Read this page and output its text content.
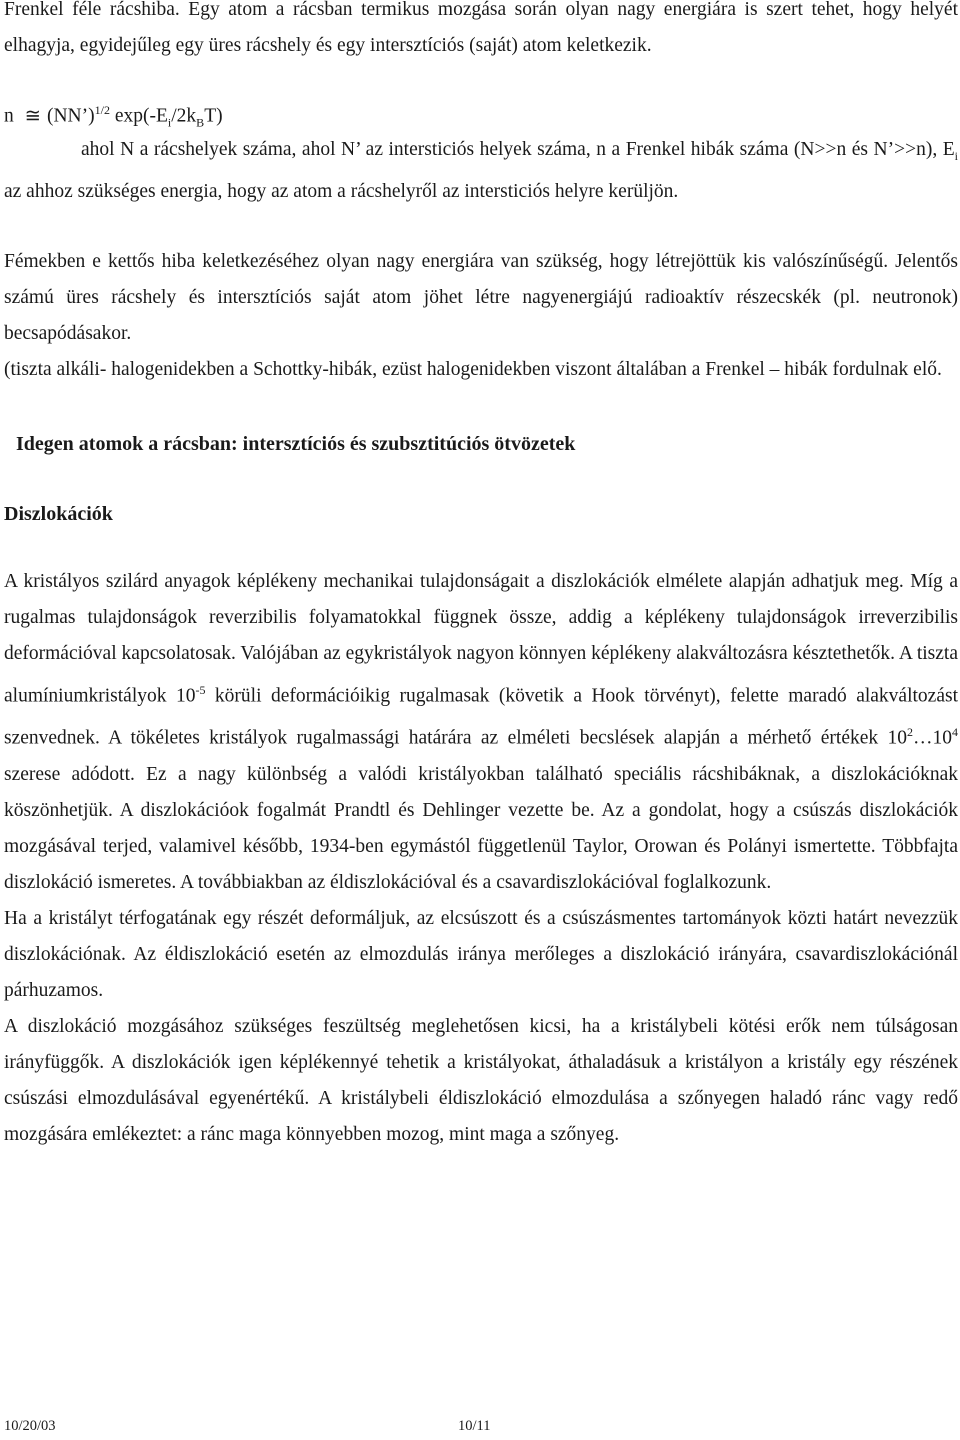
Frenkel féle rácshiba. Egy atom a rácsban termikus mozgása során olyan nagy energiára is szert tehet, hogy helyét elhagyja, egyidejűleg egy üres rácshely és egy intersztíciós (saját) atom keletkezik.

n ≅ (NN’)$^{1/2}$ $\exp(-E_i/2k_BT)$

ahol N a rácshelyek száma, ahol N’ az intersticiós helyek száma, n a Frenkel hibák száma (N>>n és N’>>n), $E_i$ az ahhoz szükséges energia, hogy az atom a rácshelyről az intersticiós helyre kerüljön.

Fémekben e kettős hiba keletkezéséhez olyan nagy energiára van szükség, hogy létrejöttük kis valószínűségű. Jelentős számú üres rácshely és intersztíciós saját atom jöhet létre nagyenergiájú radioaktív részecskék (pl. neutronok) becsapódásakor.

(tiszta alkáli- halogenidekben a Schottky-hibák, ezüst halogenidekben viszont általában a Frenkel – hibák fordulnak elő.

Idegen atomok a rácsban: intersztíciós és szubsztitúciós ötvözetek
Diszlokációk

A kristályos szilárd anyagok képlékeny mechanikai tulajdonságait a diszlokációk elmélete alapján adhatjuk meg. Míg a rugalmas tulajdonságok reverzibilis folyamatokkal függnek össze, addig a képlékeny tulajdonságok irreverzibilis deformációval kapcsolatosak. Valójában az egykristályok nagyon könnyen képlékeny alakváltozásra késztethetők. A tiszta alumíniumkristályok $10^{-5}$ körüli deformációikig rugalmasak (követik a Hook törvényt), felette maradó alakváltozást szenvednek. A tökéletes kristályok rugalmassági határára az elméleti becslések alapján a mérhető értékek $10^2\dots 10^4$ szerese adódott. Ez a nagy különbség a valódi kristályokban található speciális rácshibáknak, a diszlokációknak köszönhetjük. A diszlokációok fogalmát Prandtl és Dehlinger vezette be. Az a gondolat, hogy a csúszás diszlokációk mozgásával terjed, valamivel később, 1934-ben egymástól függetlenül Taylor, Orowan és Polányi ismertette. Többfajta diszlokáció ismeretes. A továbbiakban az éldiszlokációval és a csavardiszlokációval foglalkozunk.

Ha a kristályt térfogatának egy részét deformáljuk, az elcsúszott és a csúszásmentes tartományok közti határt nevezzük diszlokációnak. Az éldiszlokáció esetén az elmozdulás iránya merőleges a diszlokáció irányára, csavardiszlokációnál párhuzamos.

A diszlokáció mozgásához szükséges feszültség meglehetősen kicsi, ha a kristálybeli kötési erők nem túlságosan irányfüggők. A diszlokációk igen képlékennyé tehetik a kristályokat, áthaladásuk a kristályon a kristály egy részének csúszási elmozdulásával egyenértékű. A kristálybeli éldiszlokáció elmozdulása a szőnyegen haladó ránc vagy redő mozgására emlékeztet: a ránc maga könnyebben mozog, mint maga a szőnyeg.

10/20/03	10/11
